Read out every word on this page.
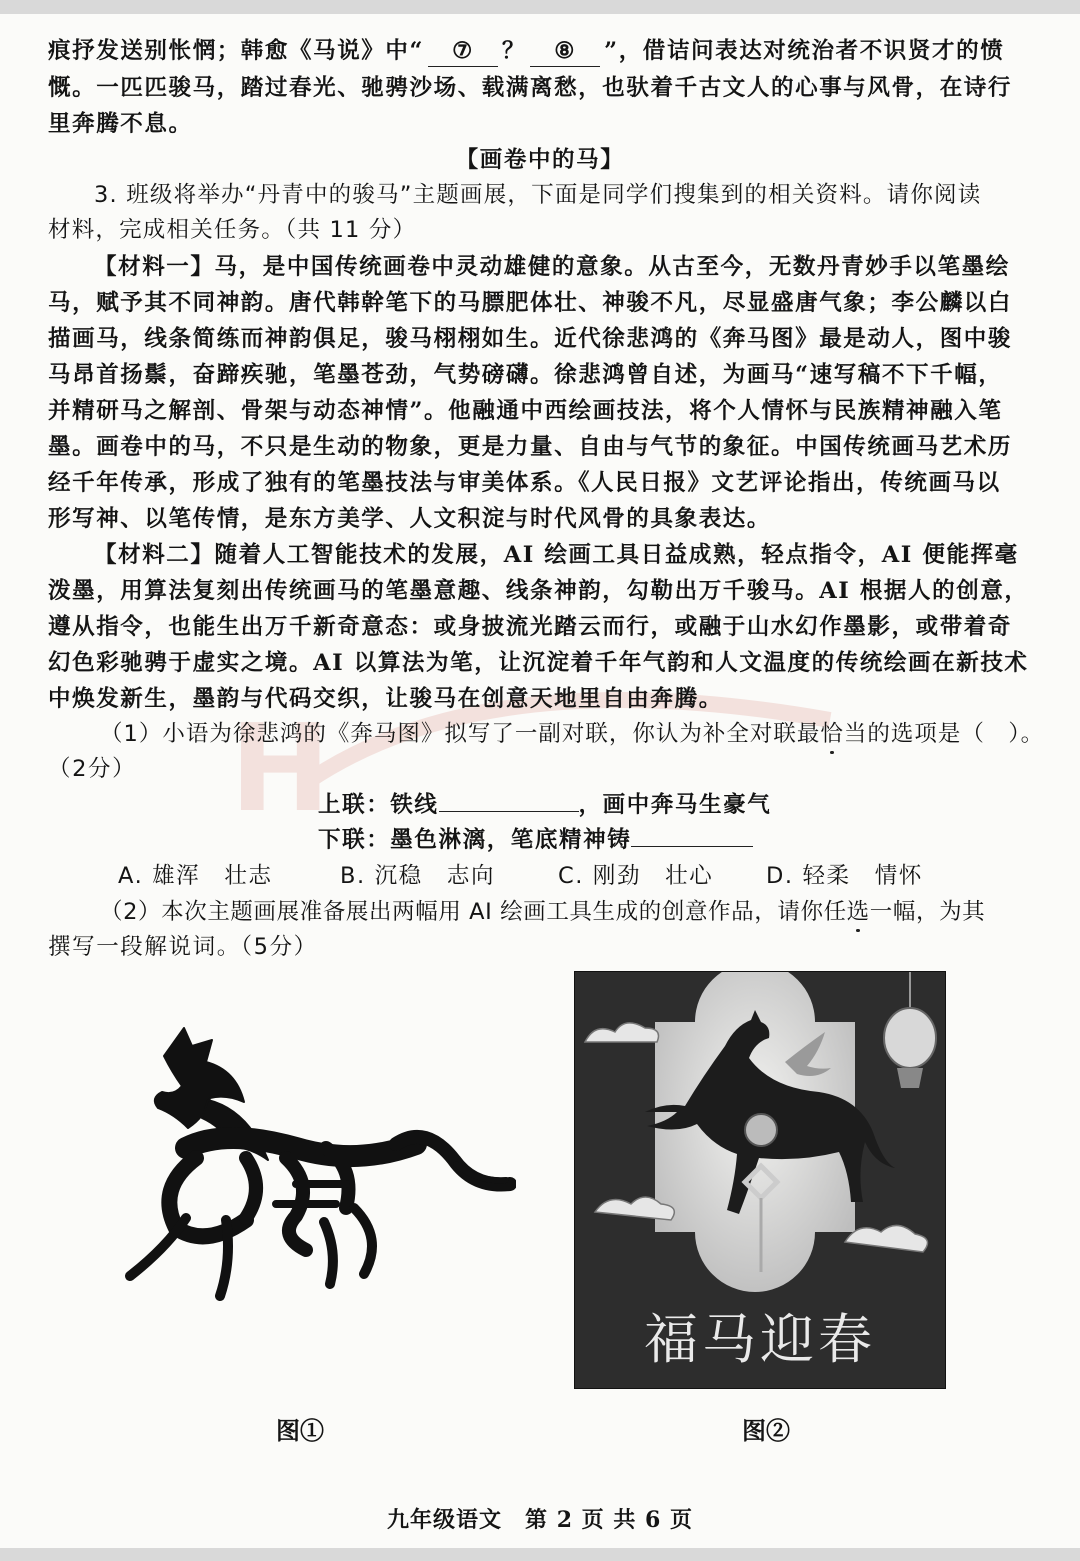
痕抒发送别怅惘；韩愈《马说》中“ ⑦ ？ ⑧ ”，借诘问表达对统治者不识贤才的愤
慨。一匹匹骏马，踏过春光、驰骋沙场、载满离愁，也驮着千古文人的心事与风骨，在诗行
里奔腾不息。
【画卷中的马】
3. 班级将举办“丹青中的骏马”主题画展，下面是同学们搜集到的相关资料。请你阅读
材料，完成相关任务。（共 11 分）
【材料一】马，是中国传统画卷中灵动雄健的意象。从古至今，无数丹青妙手以笔墨绘
马，赋予其不同神韵。唐代韩幹笔下的马膘肥体壮、神骏不凡，尽显盛唐气象；李公麟以白
描画马，线条简练而神韵俱足，骏马栩栩如生。近代徐悲鸿的《奔马图》最是动人，图中骏
马昂首扬鬃，奋蹄疾驰，笔墨苍劲，气势磅礴。徐悲鸿曾自述，为画马“速写稿不下千幅，
并精研马之解剖、骨架与动态神情”。他融通中西绘画技法，将个人情怀与民族精神融入笔
墨。画卷中的马，不只是生动的物象，更是力量、自由与气节的象征。中国传统画马艺术历
经千年传承，形成了独有的笔墨技法与审美体系。《人民日报》文艺评论指出，传统画马以
形写神、以笔传情，是东方美学、人文积淀与时代风骨的具象表达。
【材料二】随着人工智能技术的发展，AI 绘画工具日益成熟，轻点指令，AI 便能挥毫
泼墨，用算法复刻出传统画马的笔墨意趣、线条神韵，勾勒出万千骏马。AI 根据人的创意，
遵从指令，也能生出万千新奇意态：或身披流光踏云而行，或融于山水幻作墨影，或带着奇
幻色彩驰骋于虚实之境。AI 以算法为笔，让沉淀着千年气韵和人文温度的传统绘画在新技术
中焕发新生，墨韵与代码交织，让骏马在创意天地里自由奔腾。
（1）小语为徐悲鸿的《奔马图》拟写了一副对联，你认为补全对联最恰当的选项是（　）。
（2分）
上联：铁线	，画中奔马生豪气
下联：墨色淋漓，笔底精神铸
A. 雄浑　壮志	B. 沉稳　志向	C. 刚劲　壮心 D. 轻柔　情怀
（2）本次主题画展准备展出两幅用 AI 绘画工具生成的创意作品，请你任选一幅，为其
撰写一段解说词。（5分）
福马迎春
图①	图②
九年级语文　第 2 页 共 6 页
